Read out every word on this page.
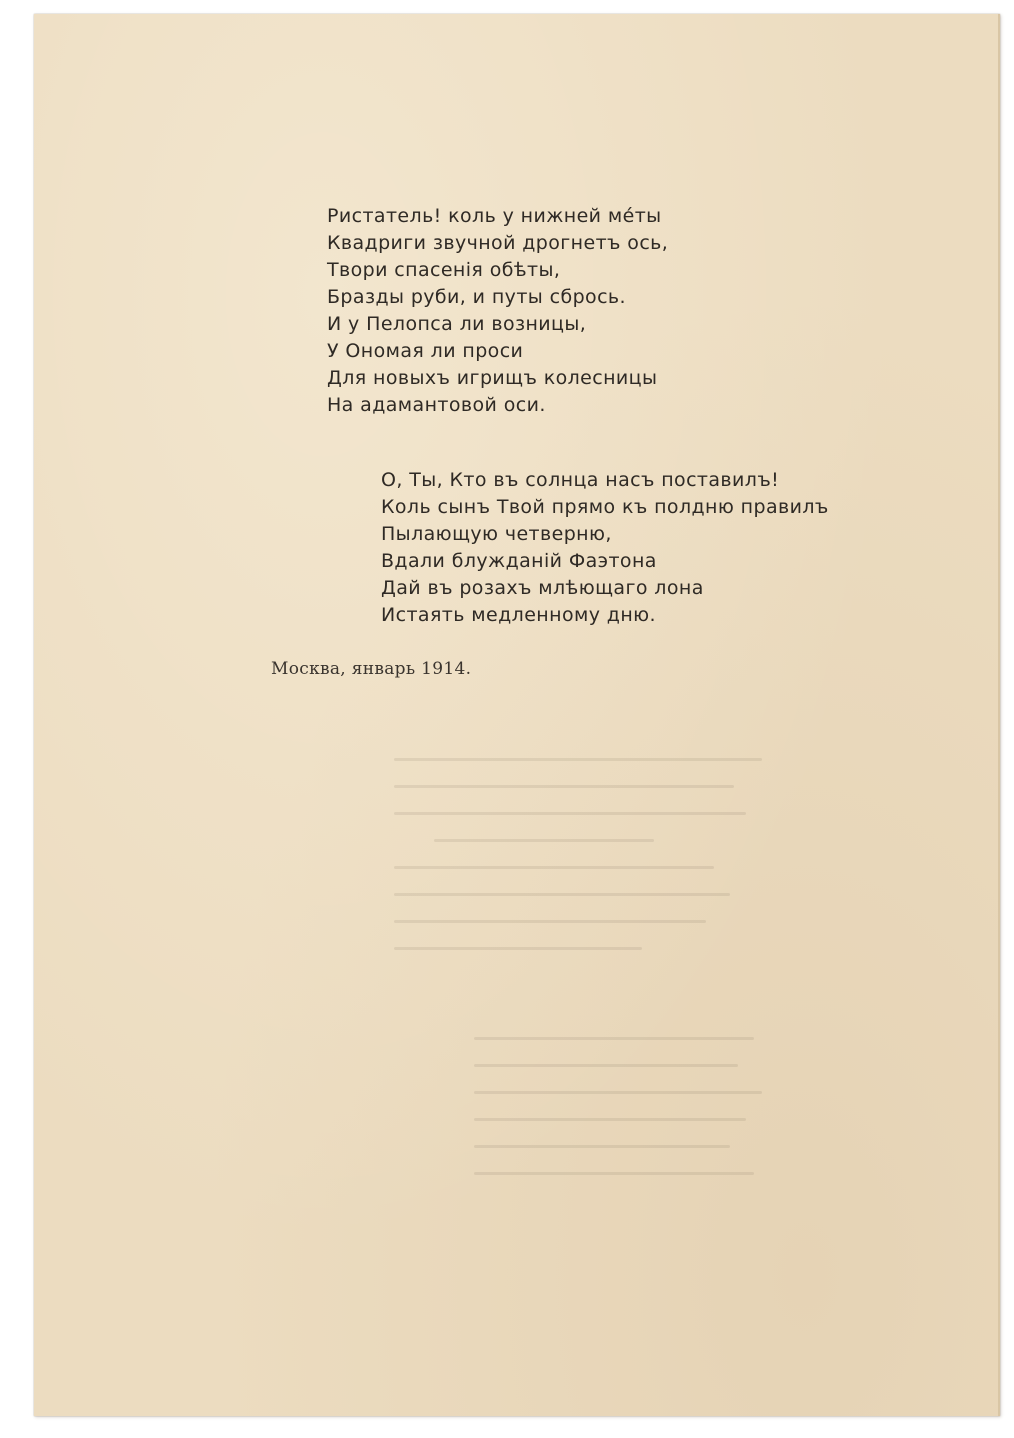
Ристатель! коль у нижней мéты
Квадриги звучной дрогнетъ ось,
Твори спасенія обѣты,
Бразды руби, и путы сбрось.
И у Пелопса ли возницы,
У Ономая ли проси
Для новыхъ игрищъ колесницы
На адамантовой оси.
О, Ты, Кто въ солнца насъ поставилъ!
Коль сынъ Твой прямо къ полдню правилъ
Пылающую четверню,
Вдали блужданій Фаэтона
Дай въ розахъ млѣющаго лона
Истаять медленному дню.
Москва, январь 1914.
